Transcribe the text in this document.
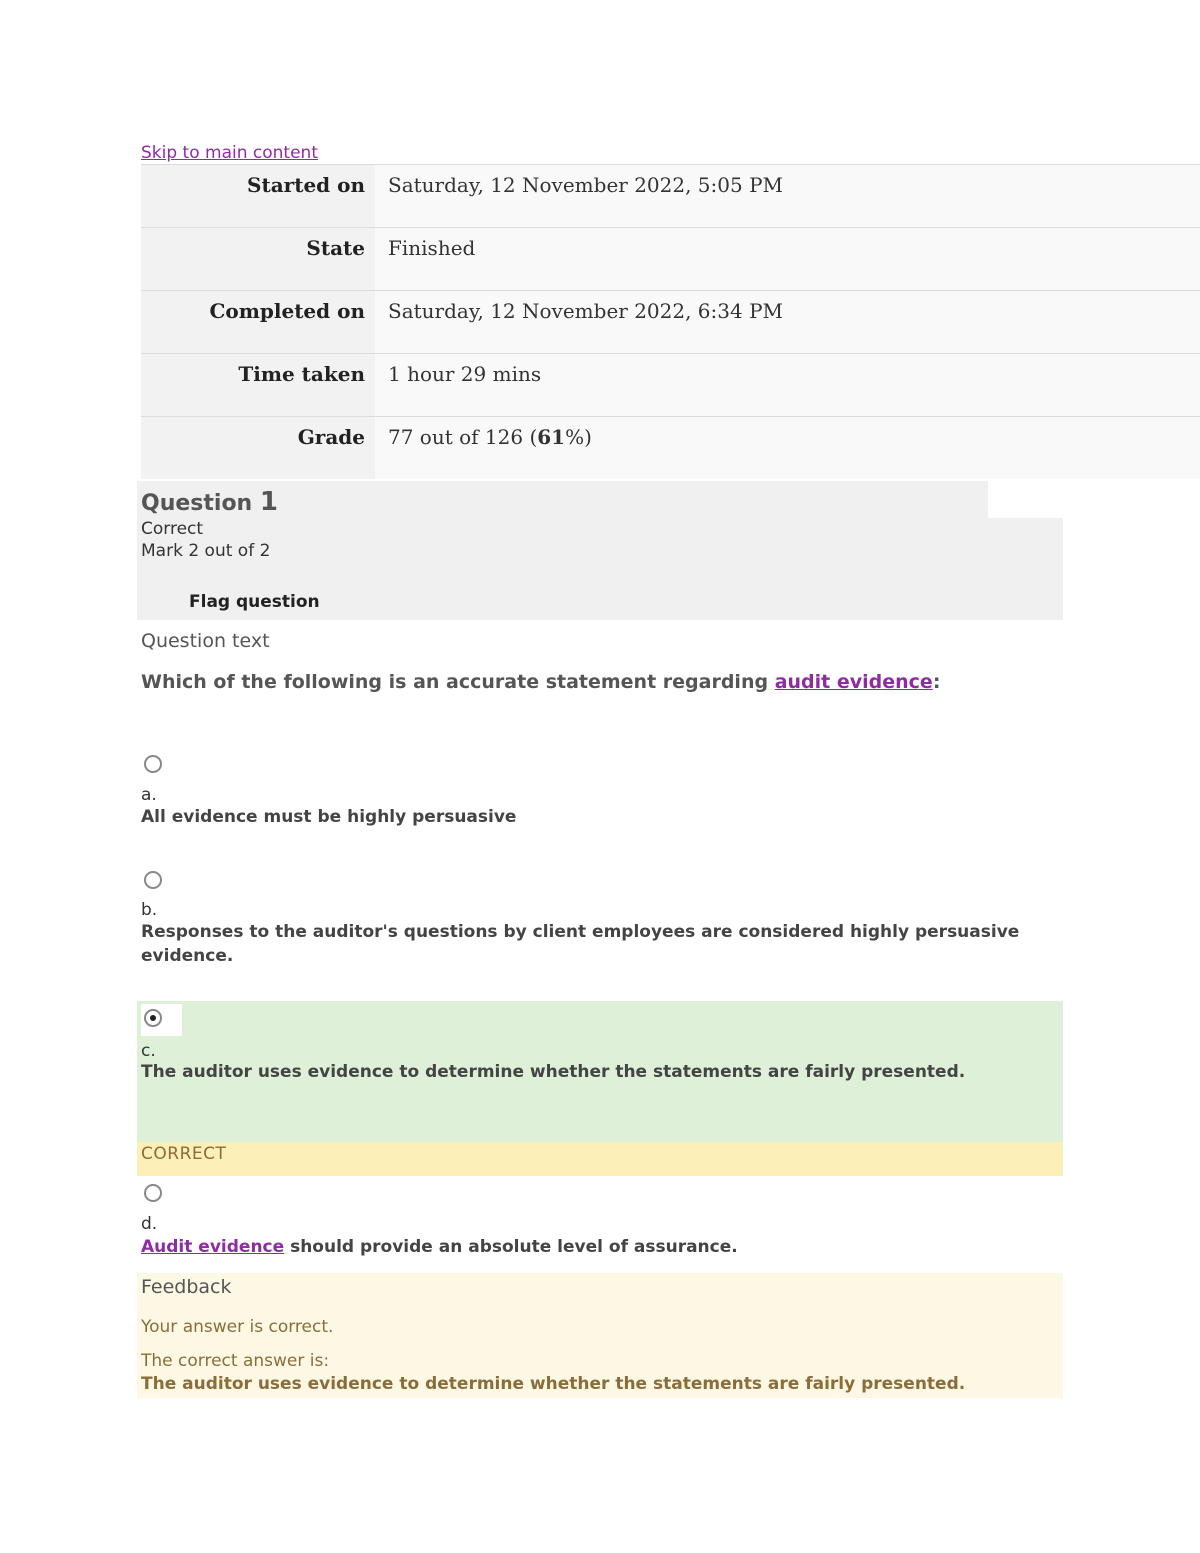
Skip to main content
Started on	Saturday, 12 November 2022, 5:05 PM
State	Finished
Completed on	Saturday, 12 November 2022, 6:34 PM
Time taken	1 hour 29 mins
Grade	77 out of 126 (61%)
Question 1
Correct
Mark 2 out of 2
Flag question
Question text
Which of the following is an accurate statement regarding audit evidence:
a.
All evidence must be highly persuasive
b.
Responses to the auditor's questions by client employees are considered highly persuasive evidence.
c.
The auditor uses evidence to determine whether the statements are fairly presented.
CORRECT
d.
Audit evidence should provide an absolute level of assurance.
Feedback
Your answer is correct.
The correct answer is:
The auditor uses evidence to determine whether the statements are fairly presented.
